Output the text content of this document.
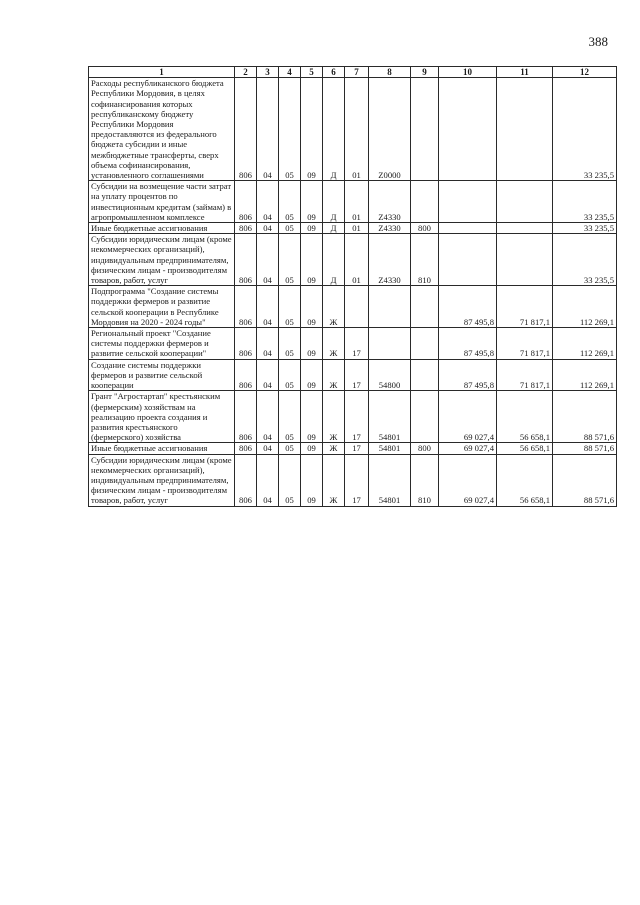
388
1	2	3	4	5	6	7	8	9	10	11	12
Расходы республиканского бюджета Республики Мордовия, в целях софинансирования которых республиканскому бюджету Республики Мордовия предоставляются из федерального бюджета субсидии и иные межбюджетные трансферты, сверх объема софинансирования, установленного соглашениями	806	04	05	09	Д	01	Z0000				33 235,5
Субсидии на возмещение части затрат на уплату процентов по инвестиционным кредитам (займам) в агропромышленном комплексе	806	04	05	09	Д	01	Z4330				33 235,5
Иные бюджетные ассигнования	806	04	05	09	Д	01	Z4330	800			33 235,5
Субсидии юридическим лицам (кроме некоммерческих организаций), индивидуальным предпринимателям, физическим лицам - производителям товаров, работ, услуг	806	04	05	09	Д	01	Z4330	810			33 235,5
Подпрограмма "Создание системы поддержки фермеров и развитие сельской кооперации в Республике Мордовия на 2020 - 2024 годы"	806	04	05	09	Ж				87 495,8	71 817,1	112 269,1
Региональный проект "Создание системы поддержки фермеров и развитие сельской кооперации"	806	04	05	09	Ж	17			87 495,8	71 817,1	112 269,1
Создание системы поддержки фермеров и развитие сельской кооперации	806	04	05	09	Ж	17	54800		87 495,8	71 817,1	112 269,1
Грант "Агростартап" крестьянским (фермерским) хозяйствам на реализацию проекта создания и развития крестьянского (фермерского) хозяйства	806	04	05	09	Ж	17	54801		69 027,4	56 658,1	88 571,6
Иные бюджетные ассигнования	806	04	05	09	Ж	17	54801	800	69 027,4	56 658,1	88 571,6
Субсидии юридическим лицам (кроме некоммерческих организаций), индивидуальным предпринимателям, физическим лицам - производителям товаров, работ, услуг	806	04	05	09	Ж	17	54801	810	69 027,4	56 658,1	88 571,6
